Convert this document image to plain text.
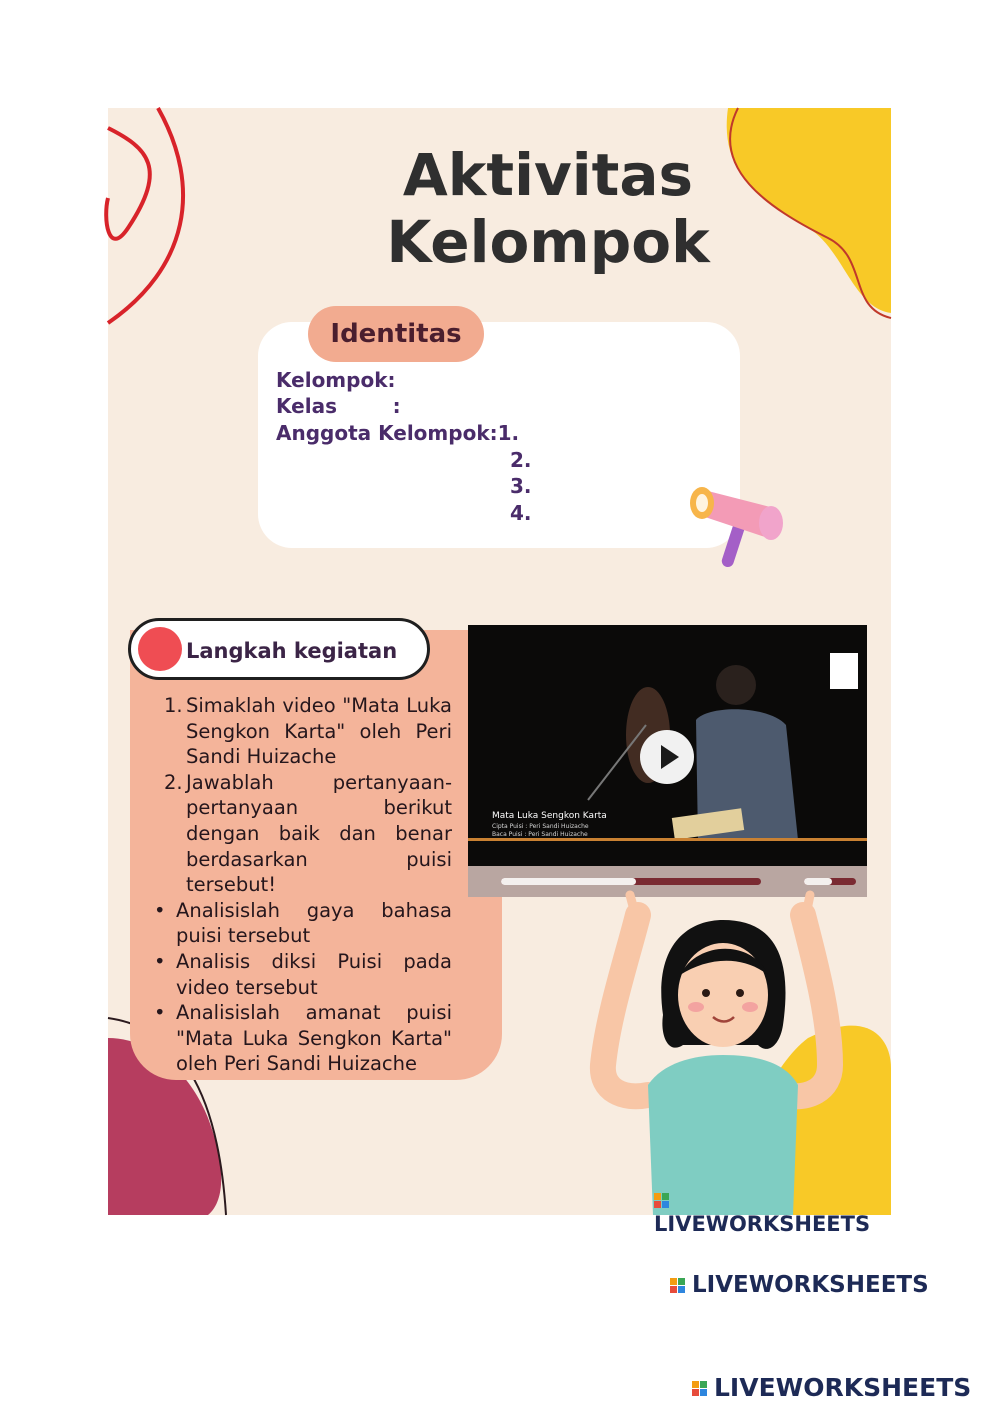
Aktivitas
Kelompok
Identitas
Kelompok:
Kelas        :
Anggota Kelompok:1.
2.
3.
4.
Langkah kegiatan
1. Simaklah video "Mata Luka Sengkon Karta" oleh Peri Sandi Huizache
2. Jawablah pertanyaan-pertanyaan berikut dengan baik dan benar berdasarkan puisi tersebut!
• Analisislah gaya bahasa puisi tersebut
• Analisis diksi Puisi pada video tersebut
• Analisislah amanat puisi "Mata Luka Sengkon Karta" oleh Peri Sandi Huizache
Mata Luka Sengkon Karta
Cipta Puisi : Peri Sandi Huizache
Baca Puisi : Peri Sandi Huizache

LIVEWORKSHEETS

LIVEWORKSHEETS

LIVEWORKSHEETS
